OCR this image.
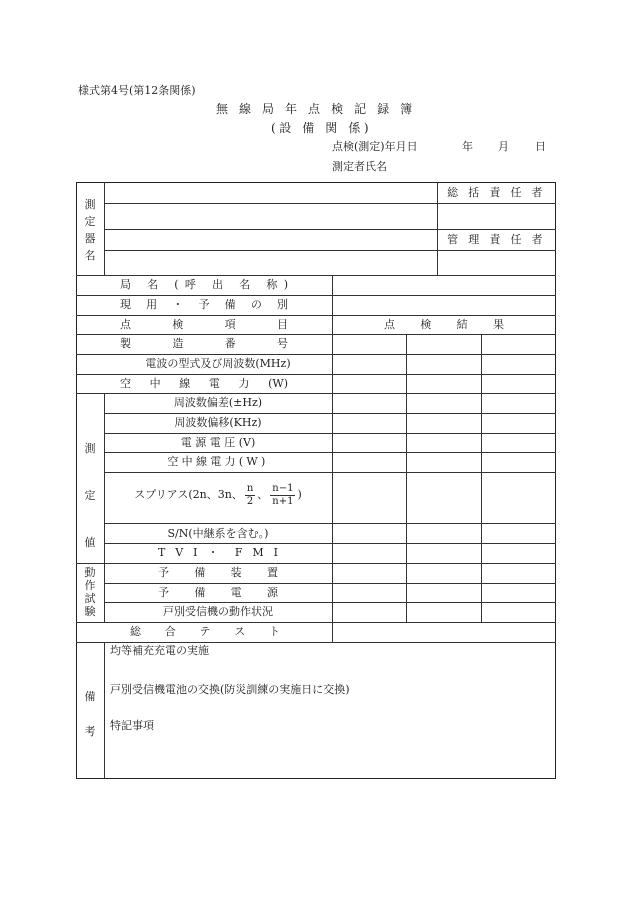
様式第4号(第12条関係)
無 線 局 年 点 検 記 録 簿
(設 備 関 係)
点検(測定)年月日	年 月 日
測定者氏名
測定器名
総 括 責 任 者
管 理 責 任 者
局 名 (呼 出 名 称)
現 用 ・ 予 備 の 別
点 検 項 目	点 検 結 果
製 造 番 号
電波の型式及び周波数(MHz)
空 中 線 電 力 (W)
測定値
周波数偏差(±Hz)
周波数偏移(KHz)
電 源 電 圧 (V)
空中線電力(W)
スプリアス(2n、3n、 $\frac{n}{2}$ 、 $\frac{n-1}{n+1}$ )
S/N(中継系を含む。)
T V I ・ F M I
動作試験
予 備 装 置
予 備 電 源
戸別受信機の動作状況
総 合 テ ス ト
備考
均等補充充電の実施
戸別受信機電池の交換(防災訓練の実施日に交換)
特記事項
